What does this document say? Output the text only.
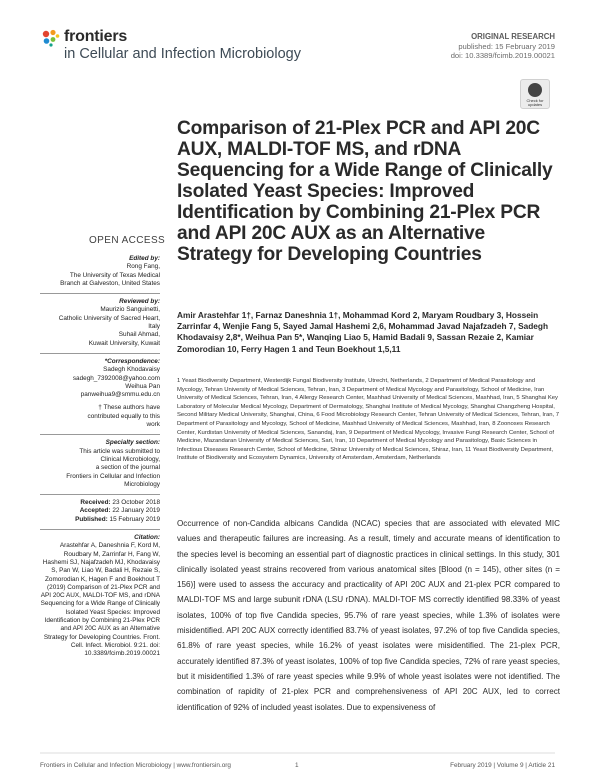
frontiers
in Cellular and Infection Microbiology
ORIGINAL RESEARCH
published: 15 February 2019
doi: 10.3389/fcimb.2019.00021
Check for updates
Comparison of 21-Plex PCR and API 20C AUX, MALDI-TOF MS, and rDNA Sequencing for a Wide Range of Clinically Isolated Yeast Species: Improved Identification by Combining 21-Plex PCR and API 20C AUX as an Alternative Strategy for Developing Countries
OPEN ACCESS
Edited by:
Rong Fang,
The University of Texas Medical
Branch at Galveston, United States
Reviewed by:
Maurizio Sanguinetti,
Catholic University of Sacred Heart,
Italy
Suhail Ahmad,
Kuwait University, Kuwait
*Correspondence:
Sadegh Khodavaisy
sadegh_7392008@yahoo.com
Weihua Pan
panweihua9@smmu.edu.cn
† These authors have contributed equally to this work
Specialty section:
This article was submitted to
Clinical Microbiology,
a section of the journal
Frontiers in Cellular and Infection
Microbiology
Received: 23 October 2018
Accepted: 22 January 2019
Published: 15 February 2019
Citation:
Arastehfar A, Daneshnia F, Kord M, Roudbary M, Zarrinfar H, Fang W, Hashemi SJ, Najafzadeh MJ, Khodavaisy S, Pan W, Liao W, Badali H, Rezaie S, Zomorodian K, Hagen F and Boekhout T (2019) Comparison of 21-Plex PCR and API 20C AUX, MALDI-TOF MS, and rDNA Sequencing for a Wide Range of Clinically Isolated Yeast Species: Improved Identification by Combining 21-Plex PCR and API 20C AUX as an Alternative Strategy for Developing Countries. Front. Cell. Infect. Microbiol. 9:21. doi: 10.3389/fcimb.2019.00021
Amir Arastehfar 1†, Farnaz Daneshnia 1†, Mohammad Kord 2, Maryam Roudbary 3, Hossein Zarrinfar 4, Wenjie Fang 5, Sayed Jamal Hashemi 2,6, Mohammad Javad Najafzadeh 7, Sadegh Khodavaisy 2,8*, Weihua Pan 5*, Wanqing Liao 5, Hamid Badali 9, Sassan Rezaie 2, Kamiar Zomorodian 10, Ferry Hagen 1 and Teun Boekhout 1,5,11
1 Yeast Biodiversity Department, Westerdijk Fungal Biodiversity Institute, Utrecht, Netherlands, 2 Department of Medical Parasitology and Mycology, Tehran University of Medical Sciences, Tehran, Iran, 3 Department of Medical Mycology and Parasitology, School of Medicine, Iran University of Medical Sciences, Tehran, Iran, 4 Allergy Research Center, Mashhad University of Medical Sciences, Mashhad, Iran, 5 Shanghai Key Laboratory of Molecular Medical Mycology, Department of Dermatology, Shanghai Institute of Medical Mycology, Shanghai Changzheng Hospital, Second Military Medical University, Shanghai, China, 6 Food Microbiology Research Center, Tehran University of Medical Sciences, Tehran, Iran, 7 Department of Parasitology and Mycology, School of Medicine, Mashhad University of Medical Sciences, Mashhad, Iran, 8 Zoonoses Research Center, Kurdistan University of Medical Sciences, Sanandaj, Iran, 9 Department of Medical Mycology, Invasive Fungi Research Center, School of Medicine, Mazandaran University of Medical Sciences, Sari, Iran, 10 Department of Medical Mycology and Parasitology, Basic Sciences in Infectious Diseases Research Center, School of Medicine, Shiraz University of Medical Sciences, Shiraz, Iran, 11 Yeast Biodiversity Department, Institute of Biodiversity and Ecosystem Dynamics, University of Amsterdam, Amsterdam, Netherlands
Occurrence of non-Candida albicans Candida (NCAC) species that are associated with elevated MIC values and therapeutic failures are increasing. As a result, timely and accurate means of identification to the species level is becoming an essential part of diagnostic practices in clinical settings. In this study, 301 clinically isolated yeast strains recovered from various anatomical sites [Blood (n = 145), other sites (n = 156)] were used to assess the accuracy and practicality of API 20C AUX and 21-plex PCR compared to MALDI-TOF MS and large subunit rDNA (LSU rDNA). MALDI-TOF MS correctly identified 98.33% of yeast isolates, 100% of top five Candida species, 95.7% of rare yeast species, while 1.3% of isolates were misidentified. API 20C AUX correctly identified 83.7% of yeast isolates, 97.2% of top five Candida species, 61.8% of rare yeast species, while 16.2% of yeast isolates were misidentified. The 21-plex PCR, accurately identified 87.3% of yeast isolates, 100% of top five Candida species, 72% of rare yeast species, but it misidentified 1.3% of rare yeast species while 9.9% of whole yeast isolates were not identified. The combination of rapidity of 21-plex PCR and comprehensiveness of API 20C AUX, led to correct identification of 92% of included yeast isolates. Due to expensiveness of
Frontiers in Cellular and Infection Microbiology | www.frontiersin.org	1	February 2019 | Volume 9 | Article 21
